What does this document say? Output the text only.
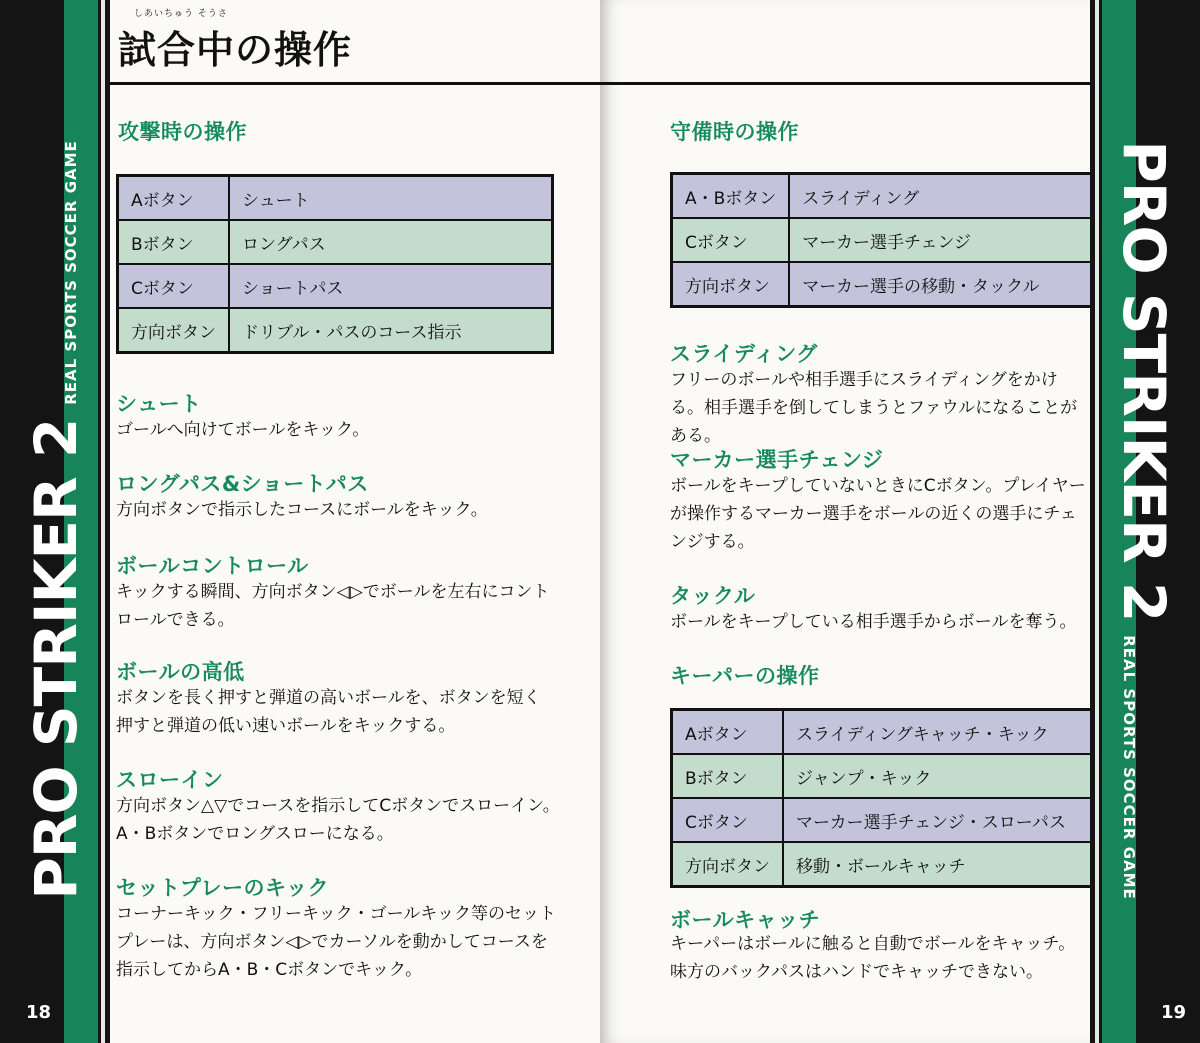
PRO STRIKER 2
REAL SPORTS SOCCER GAME
18
しあいちゅう そうさ
試合中の操作
攻撃時の操作
Aボタン	シュート
Bボタン	ロングパス
Cボタン	ショートパス
方向ボタン	ドリブル・パスのコース指示
シュート

ゴールへ向けてボールをキック。

ロングパス&ショートパス

方向ボタンで指示したコースにボールをキック。

ボールコントロール

キックする瞬間、方向ボタン◁▷でボールを左右にコントロールできる。

ボールの高低

ボタンを長く押すと弾道の高いボールを、ボタンを短く押すと弾道の低い速いボールをキックする。

スローイン

方向ボタン△▽でコースを指示してCボタンでスローイン。A・Bボタンでロングスローになる。

セットプレーのキック

コーナーキック・フリーキック・ゴールキック等のセットプレーは、方向ボタン◁▷でカーソルを動かしてコースを指示してからA・B・Cボタンでキック。

守備時の操作
A・Bボタン	スライディング
Cボタン	マーカー選手チェンジ
方向ボタン	マーカー選手の移動・タックル
スライディング

フリーのボールや相手選手にスライディングをかける。相手選手を倒してしまうとファウルになることがある。

マーカー選手チェンジ

ボールをキープしていないときにCボタン。プレイヤーが操作するマーカー選手をボールの近くの選手にチェンジする。

タックル

ボールをキープしている相手選手からボールを奪う。

キーパーの操作
Aボタン	スライディングキャッチ・キック
Bボタン	ジャンプ・キック
Cボタン	マーカー選手チェンジ・スローパス
方向ボタン	移動・ボールキャッチ
ボールキャッチ

キーパーはボールに触ると自動でボールをキャッチ。味方のバックパスはハンドでキャッチできない。

PRO STRIKER 2
REAL SPORTS SOCCER GAME
19
